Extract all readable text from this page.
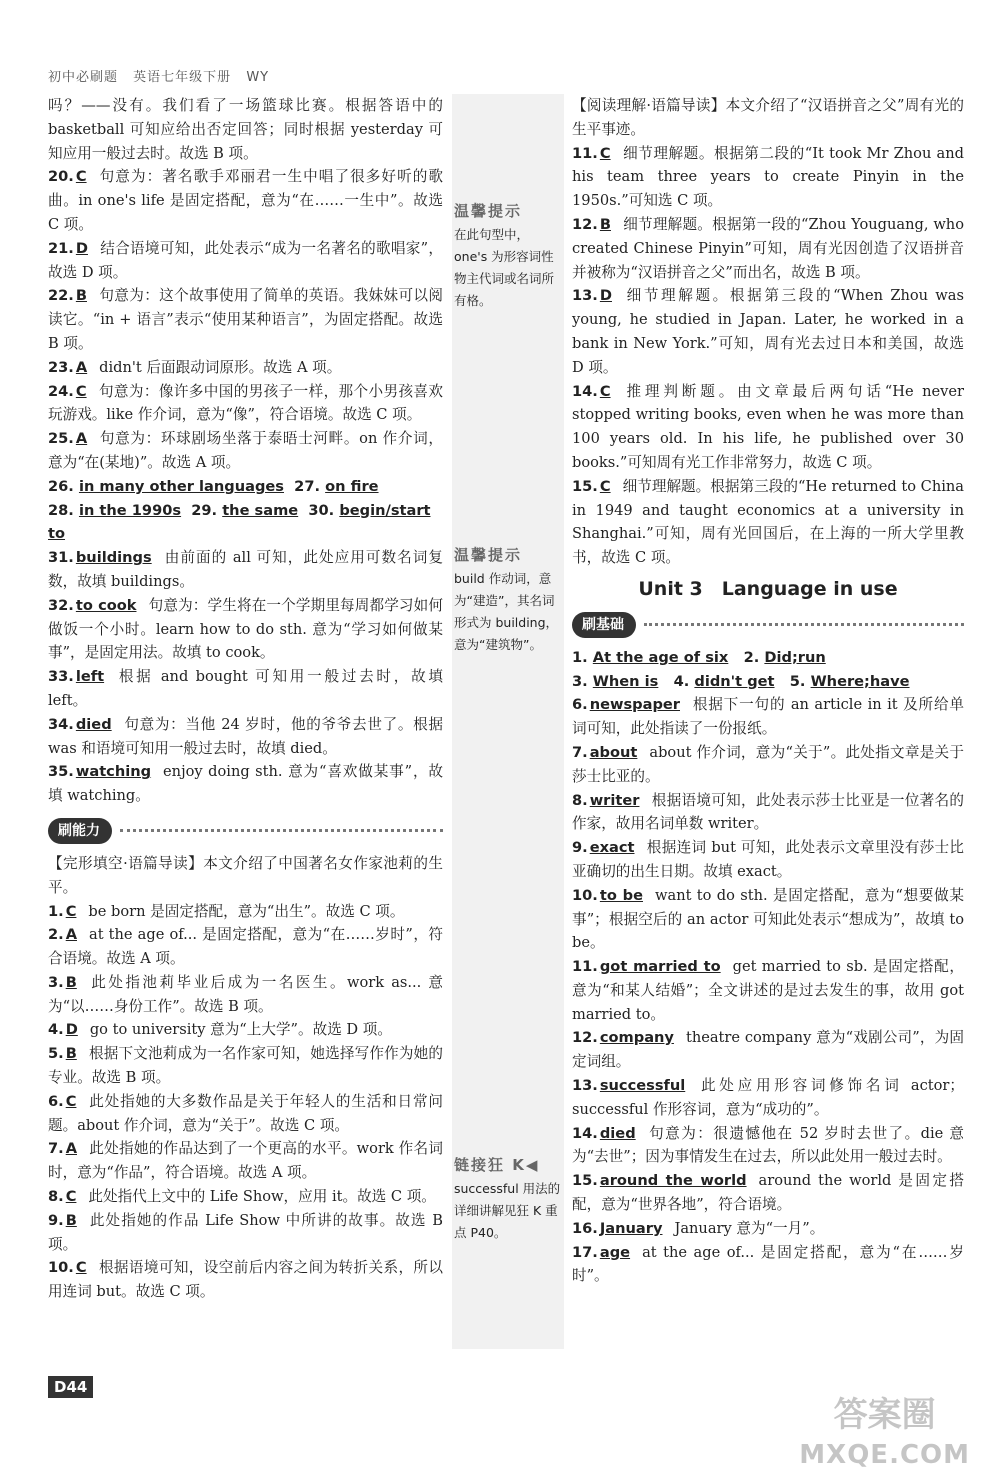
初中必刷题 英语七年级下册 WY

吗？——没有。我们看了一场篮球比赛。根据答语中的 basketball 可知应给出否定回答；同时根据 yesterday 可知应用一般过去时。故选 B 项。

20. C 句意为：著名歌手邓丽君一生中唱了很多好听的歌曲。in one's life 是固定搭配，意为“在……一生中”。故选 C 项。

21. D 结合语境可知，此处表示“成为一名著名的歌唱家”，故选 D 项。

22. B 句意为：这个故事使用了简单的英语。我妹妹可以阅读它。“in + 语言”表示“使用某种语言”，为固定搭配。故选 B 项。

23. A didn't 后面跟动词原形。故选 A 项。

24. C 句意为：像许多中国的男孩子一样，那个小男孩喜欢玩游戏。like 作介词，意为“像”，符合语境。故选 C 项。

25. A 句意为：环球剧场坐落于泰晤士河畔。on 作介词，意为“在(某地)”。故选 A 项。

26. in many other languages 27. on fire

28. in the 1990s 29. the same 30. begin/start to

31. buildings 由前面的 all 可知，此处应用可数名词复数，故填 buildings。

32. to cook 句意为：学生将在一个学期里每周都学习如何做饭一个小时。learn how to do sth. 意为“学习如何做某事”，是固定用法。故填 to cook。

33. left 根据 and bought 可知用一般过去时，故填 left。

34. died 句意为：当他 24 岁时，他的爷爷去世了。根据 was 和语境可知用一般过去时，故填 died。

35. watching enjoy doing sth. 意为“喜欢做某事”，故填 watching。

刷能力

【完形填空·语篇导读】本文介绍了中国著名女作家池莉的生平。

1. C be born 是固定搭配，意为“出生”。故选 C 项。

2. A at the age of... 是固定搭配，意为“在……岁时”，符合语境。故选 A 项。

3. B 此处指池莉毕业后成为一名医生。work as... 意为“以……身份工作”。故选 B 项。

4. D go to university 意为“上大学”。故选 D 项。

5. B 根据下文池莉成为一名作家可知，她选择写作作为她的专业。故选 B 项。

6. C 此处指她的大多数作品是关于年轻人的生活和日常问题。about 作介词，意为“关于”。故选 C 项。

7. A 此处指她的作品达到了一个更高的水平。work 作名词时，意为“作品”，符合语境。故选 A 项。

8. C 此处指代上文中的 Life Show，应用 it。故选 C 项。

9. B 此处指她的作品 Life Show 中所讲的故事。故选 B 项。

10. C 根据语境可知，设空前后内容之间为转折关系，所以用连词 but。故选 C 项。

温馨提示
在此句型中，one's 为形容词性物主代词或名词所有格。
温馨提示
build 作动词，意为“建造”，其名词形式为 building，意为“建筑物”。
链接狂 K◀
successful 用法的详细讲解见狂 K 重点 P40。

【阅读理解·语篇导读】本文介绍了“汉语拼音之父”周有光的生平事迹。

11. C 细节理解题。根据第二段的“It took Mr Zhou and his team three years to create Pinyin in the 1950s.”可知选 C 项。

12. B 细节理解题。根据第一段的“Zhou Youguang, who created Chinese Pinyin”可知，周有光因创造了汉语拼音并被称为“汉语拼音之父”而出名，故选 B 项。

13. D 细节理解题。根据第三段的“When Zhou was young, he studied in Japan. Later, he worked in a bank in New York.”可知，周有光去过日本和美国，故选 D 项。

14. C 推理判断题。由文章最后两句话“He never stopped writing books, even when he was more than 100 years old. In his life, he published over 30 books.”可知周有光工作非常努力，故选 C 项。

15. C 细节理解题。根据第三段的“He returned to China in 1949 and taught economics at a university in Shanghai.”可知，周有光回国后，在上海的一所大学里教书，故选 C 项。

Unit 3　Language in use
刷基础

1. At the age of six 2. Did;run

3. When is 4. didn't get 5. Where;have

6. newspaper 根据下一句的 an article in it 及所给单词可知，此处指读了一份报纸。

7. about about 作介词，意为“关于”。此处指文章是关于莎士比亚的。

8. writer 根据语境可知，此处表示莎士比亚是一位著名的作家，故用名词单数 writer。

9. exact 根据连词 but 可知，此处表示文章里没有莎士比亚确切的出生日期。故填 exact。

10. to be want to do sth. 是固定搭配，意为“想要做某事”；根据空后的 an actor 可知此处表示“想成为”，故填 to be。

11. got married to get married to sb. 是固定搭配，意为“和某人结婚”；全文讲述的是过去发生的事，故用 got married to。

12. company theatre company 意为“戏剧公司”，为固定词组。

13. successful 此处应用形容词修饰名词 actor；successful 作形容词，意为“成功的”。

14. died 句意为：很遗憾他在 52 岁时去世了。die 意为“去世”；因为事情发生在过去，所以此处用一般过去时。

15. around the world around the world 是固定搭配，意为“世界各地”，符合语境。

16. January January 意为“一月”。

17. age at the age of... 是固定搭配，意为“在……岁时”。

D44
答案圈
MXQE.COM
